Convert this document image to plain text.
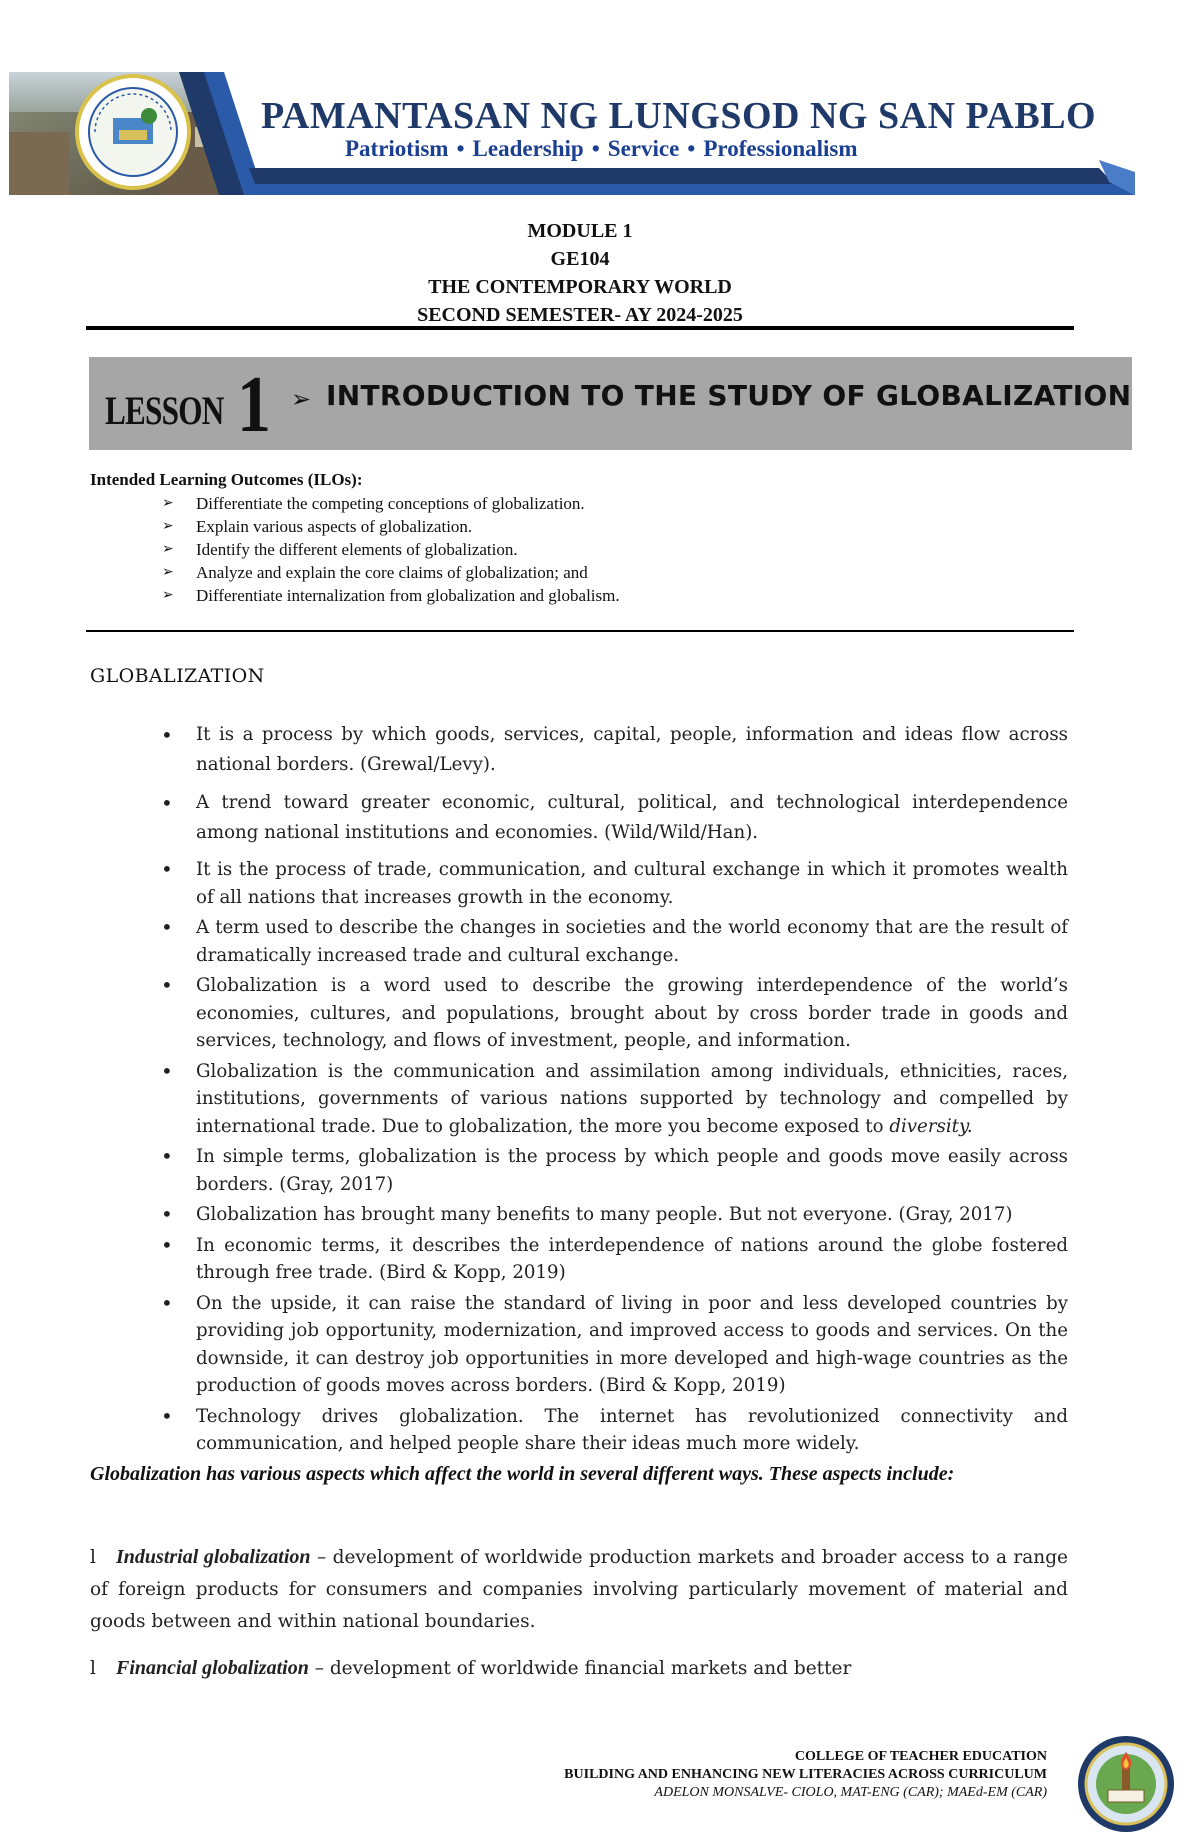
PAMANTASAN NG LUNGSOD NG SAN PABLO
Patriotism • Leadership • Service • Professionalism
MODULE 1
GE104
THE CONTEMPORARY WORLD
SECOND SEMESTER- AY 2024-2025
LESSON 1 ➢ INTRODUCTION TO THE STUDY OF GLOBALIZATION
Intended Learning Outcomes (ILOs):
➢ Differentiate the competing conceptions of globalization.
➢ Explain various aspects of globalization.
➢ Identify the different elements of globalization.
➢ Analyze and explain the core claims of globalization; and
➢ Differentiate internalization from globalization and globalism.
GLOBALIZATION
• It is a process by which goods, services, capital, people, information and ideas flow across national borders. (Grewal/Levy).
• A trend toward greater economic, cultural, political, and technological interdependence among national institutions and economies. (Wild/Wild/Han).
• It is the process of trade, communication, and cultural exchange in which it promotes wealth of all nations that increases growth in the economy.
• A term used to describe the changes in societies and the world economy that are the result of dramatically increased trade and cultural exchange.
• Globalization is a word used to describe the growing interdependence of the world’s economies, cultures, and populations, brought about by cross border trade in goods and services, technology, and flows of investment, people, and information.
• Globalization is the communication and assimilation among individuals, ethnicities, races, institutions, governments of various nations supported by technology and compelled by international trade. Due to globalization, the more you become exposed to diversity.
• In simple terms, globalization is the process by which people and goods move easily across borders. (Gray, 2017)
• Globalization has brought many benefits to many people. But not everyone. (Gray, 2017)
• In economic terms, it describes the interdependence of nations around the globe fostered through free trade. (Bird & Kopp, 2019)
• On the upside, it can raise the standard of living in poor and less developed countries by providing job opportunity, modernization, and improved access to goods and services. On the downside, it can destroy job opportunities in more developed and high-wage countries as the production of goods moves across borders. (Bird & Kopp, 2019)
• Technology drives globalization. The internet has revolutionized connectivity and communication, and helped people share their ideas much more widely.
Globalization has various aspects which affect the world in several different ways. These aspects include:
l Industrial globalization – development of worldwide production markets and broader access to a range of foreign products for consumers and companies involving particularly movement of material and goods between and within national boundaries.
l Financial globalization – development of worldwide financial markets and better
COLLEGE OF TEACHER EDUCATION
BUILDING AND ENHANCING NEW LITERACIES ACROSS CURRICULUM
ADELON MONSALVE- CIOLO, MAT-ENG (CAR); MAEd-EM (CAR)
